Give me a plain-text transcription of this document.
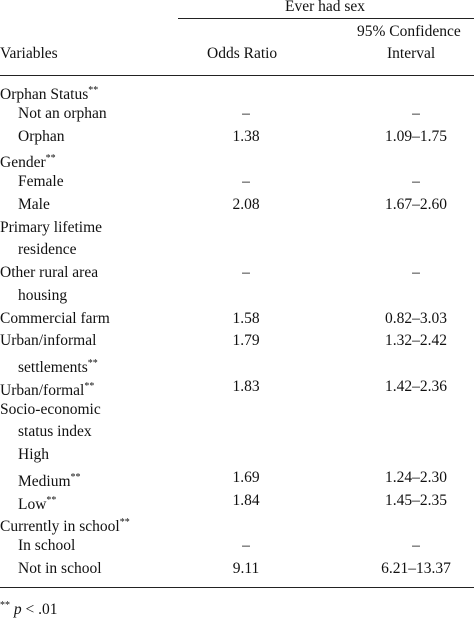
Ever had sex
95% Confidence
Variables	Odds Ratio	Interval
Orphan Status**
Not an orphan	–	–
Orphan	1.38	1.09–1.75
Gender**
Female	–	–
Male	2.08	1.67–2.60
Primary lifetime
residence
Other rural area	–	–
housing
Commercial farm	1.58	0.82–3.03
Urban/informal	1.79	1.32–2.42
settlements**
Urban/formal**	1.83	1.42–2.36
Socio-economic
status index
High
Medium**	1.69	1.24–2.30
Low**	1.84	1.45–2.35
Currently in school**
In school	–	–
Not in school	9.11	6.21–13.37
** p < .01
